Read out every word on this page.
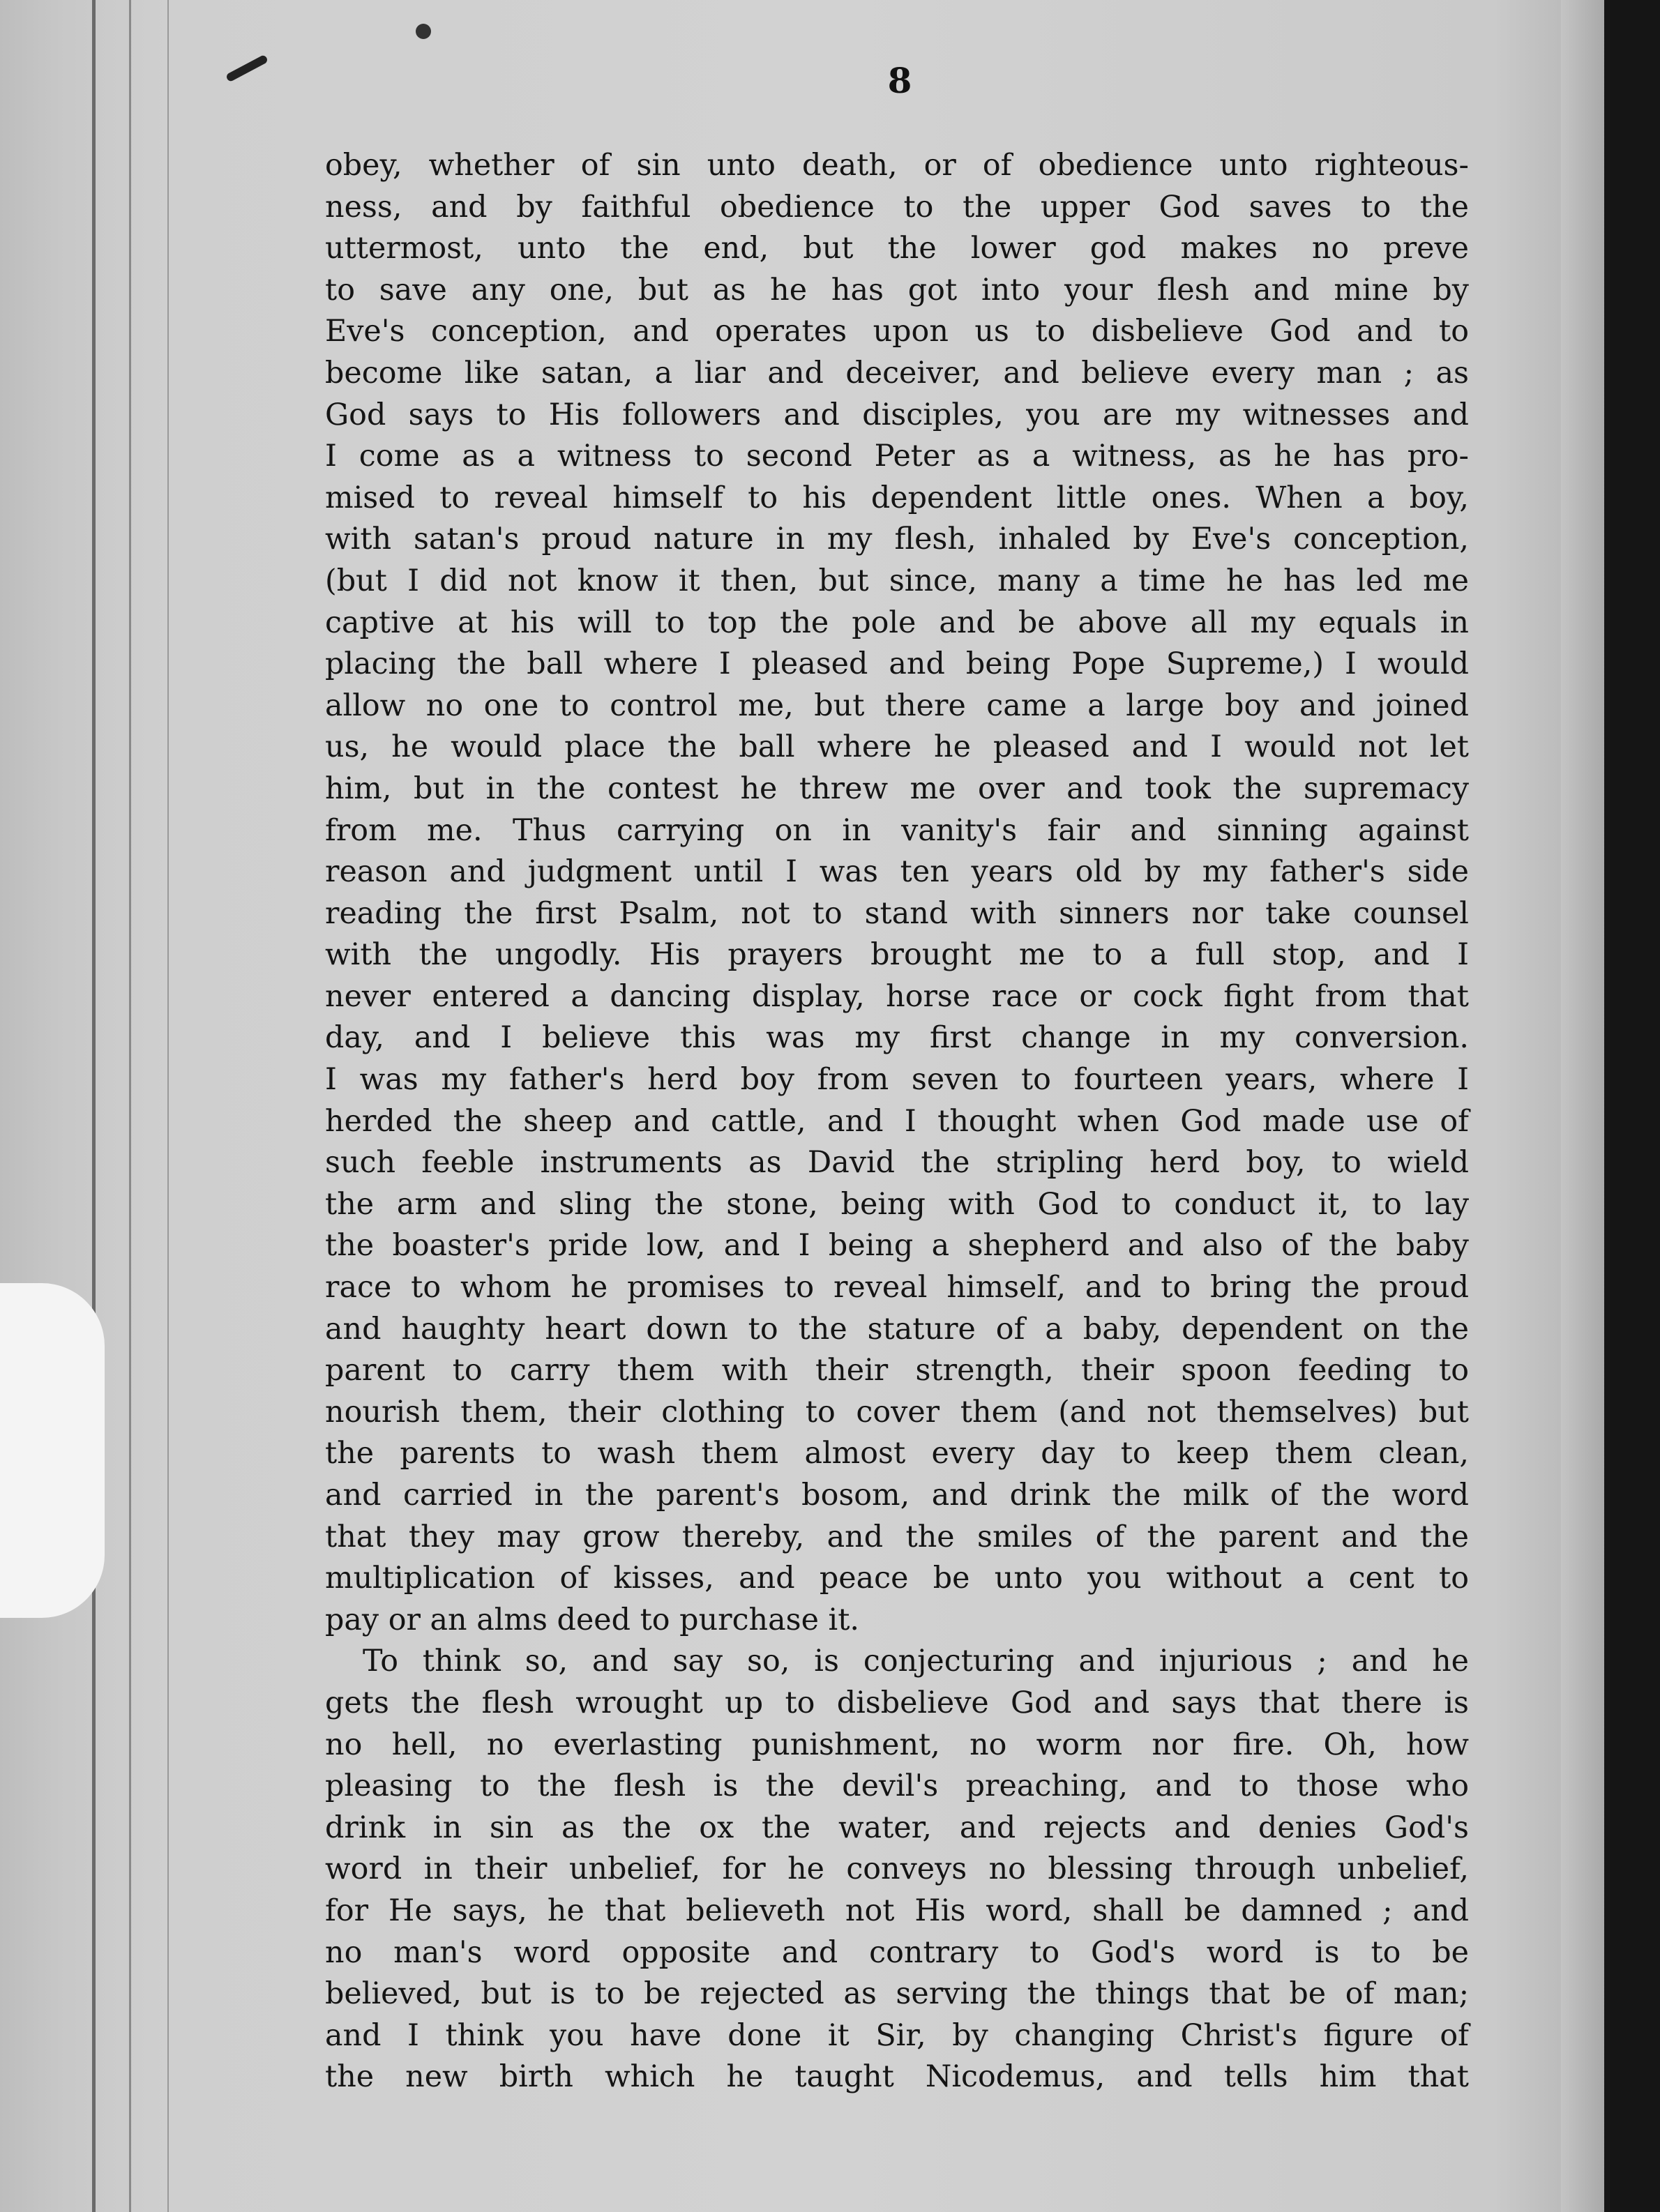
8
obey, whether of sin unto death, or of obedience unto righteous-
ness, and by faithful obedience to the upper God saves to the
uttermost, unto the end, but the lower god makes no preve
to save any one, but as he has got into your flesh and mine by
Eve's conception, and operates upon us to disbelieve God and to
become like satan, a liar and deceiver, and believe every man ; as
God says to His followers and disciples, you are my witnesses and
I come as a witness to second Peter as a witness, as he has pro-
mised to reveal himself to his dependent little ones. When a boy,
with satan's proud nature in my flesh, inhaled by Eve's conception,
(but I did not know it then, but since, many a time he has led me
captive at his will to top the pole and be above all my equals in
placing the ball where I pleased and being Pope Supreme,) I would
allow no one to control me, but there came a large boy and joined
us, he would place the ball where he pleased and I would not let
him, but in the contest he threw me over and took the supremacy
from me. Thus carrying on in vanity's fair and sinning against
reason and judgment until I was ten years old by my father's side
reading the first Psalm, not to stand with sinners nor take counsel
with the ungodly. His prayers brought me to a full stop, and I
never entered a dancing display, horse race or cock fight from that
day, and I believe this was my first change in my conversion.
I was my father's herd boy from seven to fourteen years, where I
herded the sheep and cattle, and I thought when God made use of
such feeble instruments as David the stripling herd boy, to wield
the arm and sling the stone, being with God to conduct it, to lay
the boaster's pride low, and I being a shepherd and also of the baby
race to whom he promises to reveal himself, and to bring the proud
and haughty heart down to the stature of a baby, dependent on the
parent to carry them with their strength, their spoon feeding to
nourish them, their clothing to cover them (and not themselves) but
the parents to wash them almost every day to keep them clean,
and carried in the parent's bosom, and drink the milk of the word
that they may grow thereby, and the smiles of the parent and the
multiplication of kisses, and peace be unto you without a cent to
pay or an alms deed to purchase it.
To think so, and say so, is conjecturing and injurious ; and he
gets the flesh wrought up to disbelieve God and says that there is
no hell, no everlasting punishment, no worm nor fire. Oh, how
pleasing to the flesh is the devil's preaching, and to those who
drink in sin as the ox the water, and rejects and denies God's
word in their unbelief, for he conveys no blessing through unbelief,
for He says, he that believeth not His word, shall be damned ; and
no man's word opposite and contrary to God's word is to be
believed, but is to be rejected as serving the things that be of man;
and I think you have done it Sir, by changing Christ's figure of
the new birth which he taught Nicodemus, and tells him that
